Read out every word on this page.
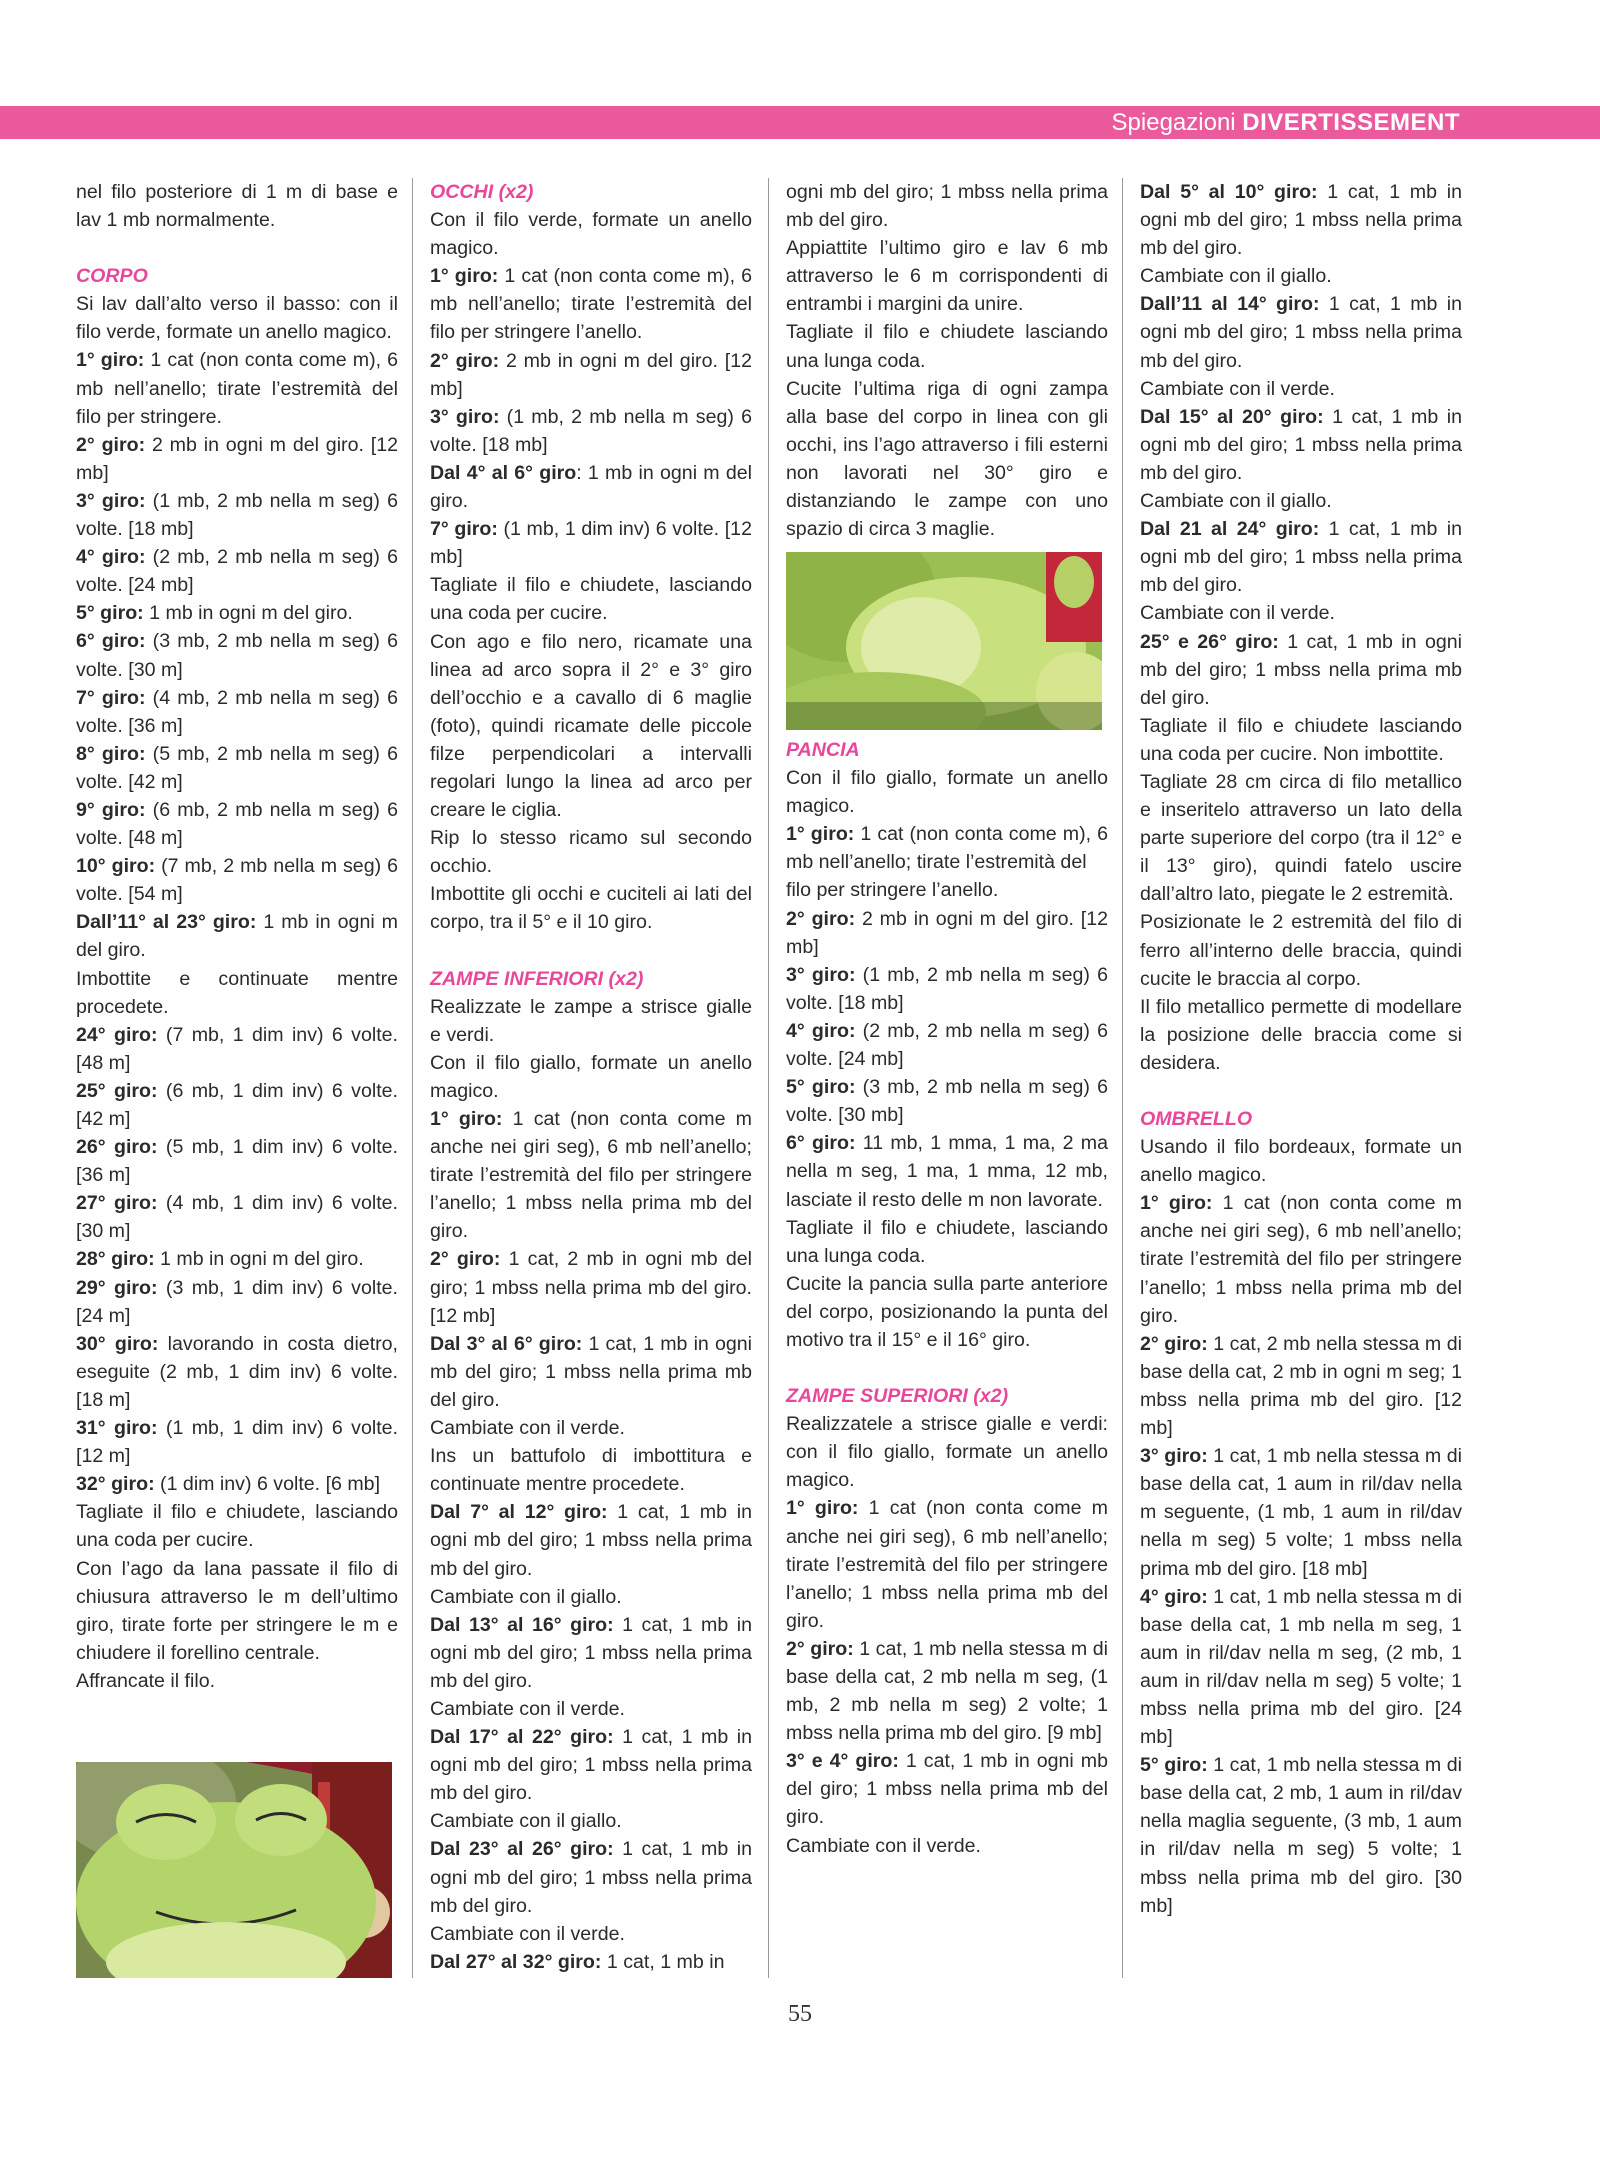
Spiegazioni DIVERTISSEMENT

nel filo posteriore di 1 m di base e lav 1 mb normalmente.

CORPO

Si lav dall’alto verso il basso: con il filo verde, formate un anello magico.

1° giro: 1 cat (non conta come m), 6 mb nell’anello; tirate l’estremità del filo per stringere.

2° giro: 2 mb in ogni m del giro. [12 mb]

3° giro: (1 mb, 2 mb nella m seg) 6 volte. [18 mb]

4° giro: (2 mb, 2 mb nella m seg) 6 volte. [24 mb]

5° giro: 1 mb in ogni m del giro.

6° giro: (3 mb, 2 mb nella m seg) 6 volte. [30 m]

7° giro: (4 mb, 2 mb nella m seg) 6 volte. [36 m]

8° giro: (5 mb, 2 mb nella m seg) 6 volte. [42 m]

9° giro: (6 mb, 2 mb nella m seg) 6 volte. [48 m]

10° giro: (7 mb, 2 mb nella m seg) 6 volte. [54 m]

Dall’11° al 23° giro: 1 mb in ogni m del giro.

Imbottite e continuate mentre procedete.

24° giro: (7 mb, 1 dim inv) 6 volte. [48 m]

25° giro: (6 mb, 1 dim inv) 6 volte. [42 m]

26° giro: (5 mb, 1 dim inv) 6 volte. [36 m]

27° giro: (4 mb, 1 dim inv) 6 volte. [30 m]

28° giro: 1 mb in ogni m del giro.

29° giro: (3 mb, 1 dim inv) 6 volte. [24 m]

30° giro: lavorando in costa dietro, eseguite (2 mb, 1 dim inv) 6 volte. [18 m]

31° giro: (1 mb, 1 dim inv) 6 volte. [12 m]

32° giro: (1 dim inv) 6 volte. [6 mb]

Tagliate il filo e chiudete, lasciando una coda per cucire.

Con l’ago da lana passate il filo di chiusura attraverso le m dell’ultimo giro, tirate forte per stringere le m e chiudere il forellino centrale.

Affrancate il filo.

OCCHI (x2)

Con il filo verde, formate un anello magico.

1° giro: 1 cat (non conta come m), 6 mb nell’anello; tirate l’estremità del filo per stringere l’anello.

2° giro: 2 mb in ogni m del giro. [12 mb]

3° giro: (1 mb, 2 mb nella m seg) 6 volte. [18 mb]

Dal 4° al 6° giro: 1 mb in ogni m del giro.

7° giro: (1 mb, 1 dim inv) 6 volte. [12 mb]

Tagliate il filo e chiudete, lasciando una coda per cucire.

Con ago e filo nero, ricamate una linea ad arco sopra il 2° e 3° giro dell’occhio e a cavallo di 6 maglie (foto), quindi ricamate delle piccole filze perpendicolari a intervalli regolari lungo la linea ad arco per creare le ciglia.

Rip lo stesso ricamo sul secondo occhio.

Imbottite gli occhi e cuciteli ai lati del corpo, tra il 5° e il 10 giro.

ZAMPE INFERIORI (x2)

Realizzate le zampe a strisce gialle e verdi.

Con il filo giallo, formate un anello magico.

1° giro: 1 cat (non conta come m anche nei giri seg), 6 mb nell’anello; tirate l’estremità del filo per stringere l’anello; 1 mbss nella prima mb del giro.

2° giro: 1 cat, 2 mb in ogni mb del giro; 1 mbss nella prima mb del giro. [12 mb]

Dal 3° al 6° giro: 1 cat, 1 mb in ogni mb del giro; 1 mbss nella prima mb del giro.

Cambiate con il verde.

Ins un battufolo di imbottitura e continuate mentre procedete.

Dal 7° al 12° giro: 1 cat, 1 mb in ogni mb del giro; 1 mbss nella prima mb del giro.

Cambiate con il giallo.

Dal 13° al 16° giro: 1 cat, 1 mb in ogni mb del giro; 1 mbss nella prima mb del giro.

Cambiate con il verde.

Dal 17° al 22° giro: 1 cat, 1 mb in ogni mb del giro; 1 mbss nella prima mb del giro.

Cambiate con il giallo.

Dal 23° al 26° giro: 1 cat, 1 mb in ogni mb del giro; 1 mbss nella prima mb del giro.

Cambiate con il verde.

Dal 27° al 32° giro: 1 cat, 1 mb in

ogni mb del giro; 1 mbss nella prima mb del giro.

Appiattite l’ultimo giro e lav 6 mb attraverso le 6 m corrispondenti di entrambi i margini da unire.

Tagliate il filo e chiudete lasciando una lunga coda.

Cucite l’ultima riga di ogni zampa alla base del corpo in linea con gli occhi, ins l’ago attraverso i fili esterni non lavorati nel 30° giro e distanziando le zampe con uno spazio di circa 3 maglie.

PANCIA

Con il filo giallo, formate un anello magico.

1° giro: 1 cat (non conta come m), 6 mb nell’anello; tirate l’estremità del

filo per stringere l’anello.

2° giro: 2 mb in ogni m del giro. [12 mb]

3° giro: (1 mb, 2 mb nella m seg) 6 volte. [18 mb]

4° giro: (2 mb, 2 mb nella m seg) 6 volte. [24 mb]

5° giro: (3 mb, 2 mb nella m seg) 6 volte. [30 mb]

6° giro: 11 mb, 1 mma, 1 ma, 2 ma nella m seg, 1 ma, 1 mma, 12 mb, lasciate il resto delle m non lavorate.

Tagliate il filo e chiudete, lasciando una lunga coda.

Cucite la pancia sulla parte anteriore del corpo, posizionando la punta del motivo tra il 15° e il 16° giro.

ZAMPE SUPERIORI (x2)

Realizzatele a strisce gialle e verdi: con il filo giallo, formate un anello magico.

1° giro: 1 cat (non conta come m anche nei giri seg), 6 mb nell’anello; tirate l’estremità del filo per stringere l’anello; 1 mbss nella prima mb del giro.

2° giro: 1 cat, 1 mb nella stessa m di base della cat, 2 mb nella m seg, (1 mb, 2 mb nella m seg) 2 volte; 1 mbss nella prima mb del giro. [9 mb]

3° e 4° giro: 1 cat, 1 mb in ogni mb del giro; 1 mbss nella prima mb del giro.

Cambiate con il verde.

Dal 5° al 10° giro: 1 cat, 1 mb in ogni mb del giro; 1 mbss nella prima mb del giro.

Cambiate con il giallo.

Dall’11 al 14° giro: 1 cat, 1 mb in ogni mb del giro; 1 mbss nella prima mb del giro.

Cambiate con il verde.

Dal 15° al 20° giro: 1 cat, 1 mb in ogni mb del giro; 1 mbss nella prima mb del giro.

Cambiate con il giallo.

Dal 21 al 24° giro: 1 cat, 1 mb in ogni mb del giro; 1 mbss nella prima mb del giro.

Cambiate con il verde.

25° e 26° giro: 1 cat, 1 mb in ogni mb del giro; 1 mbss nella prima mb del giro.

Tagliate il filo e chiudete lasciando una coda per cucire. Non imbottite.

Tagliate 28 cm circa di filo metallico e inseritelo attraverso un lato della parte superiore del corpo (tra il 12° e il 13° giro), quindi fatelo uscire dall’altro lato, piegate le 2 estremità.

Posizionate le 2 estremità del filo di ferro all’interno delle braccia, quindi cucite le braccia al corpo.

Il filo metallico permette di modellare la posizione delle braccia come si desidera.

OMBRELLO

Usando il filo bordeaux, formate un anello magico.

1° giro: 1 cat (non conta come m anche nei giri seg), 6 mb nell’anello; tirate l’estremità del filo per stringere l’anello; 1 mbss nella prima mb del giro.

2° giro: 1 cat, 2 mb nella stessa m di base della cat, 2 mb in ogni m seg; 1 mbss nella prima mb del giro. [12 mb]

3° giro: 1 cat, 1 mb nella stessa m di base della cat, 1 aum in ril/dav nella m seguente, (1 mb, 1 aum in ril/dav nella m seg) 5 volte; 1 mbss nella prima mb del giro. [18 mb]

4° giro: 1 cat, 1 mb nella stessa m di base della cat, 1 mb nella m seg, 1 aum in ril/dav nella m seg, (2 mb, 1 aum in ril/dav nella m seg) 5 volte; 1 mbss nella prima mb del giro. [24 mb]

5° giro: 1 cat, 1 mb nella stessa m di base della cat, 2 mb, 1 aum in ril/dav nella maglia seguente, (3 mb, 1 aum in ril/dav nella m seg) 5 volte; 1 mbss nella prima mb del giro. [30 mb]

55
